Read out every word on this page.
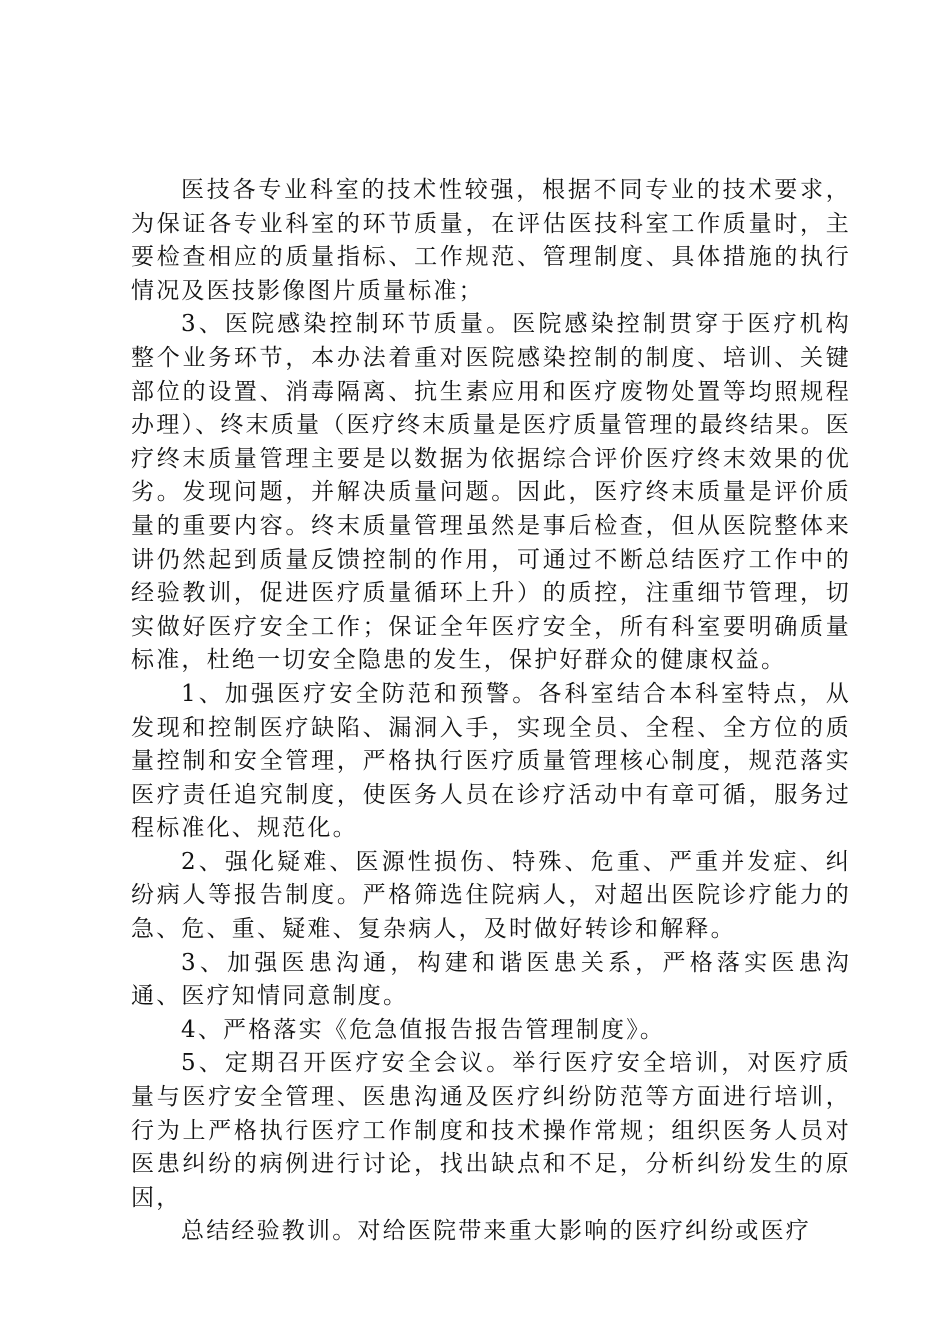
医技各专业科室的技术性较强，根据不同专业的技术要求，为保证各专业科室的环节质量，在评估医技科室工作质量时，主要检查相应的质量指标、工作规范、管理制度、具体措施的执行情况及医技影像图片质量标准；

3、医院感染控制环节质量。医院感染控制贯穿于医疗机构整个业务环节，本办法着重对医院感染控制的制度、培训、关键部位的设置、消毒隔离、抗生素应用和医疗废物处置等均照规程办理）、终末质量（医疗终末质量是医疗质量管理的最终结果。医疗终末质量管理主要是以数据为依据综合评价医疗终末效果的优劣。发现问题，并解决质量问题。因此，医疗终末质量是评价质量的重要内容。终末质量管理虽然是事后检查，但从医院整体来讲仍然起到质量反馈控制的作用，可通过不断总结医疗工作中的经验教训，促进医疗质量循环上升）的质控，注重细节管理，切实做好医疗安全工作；保证全年医疗安全，所有科室要明确质量标准，杜绝一切安全隐患的发生，保护好群众的健康权益。

1、加强医疗安全防范和预警。各科室结合本科室特点，从发现和控制医疗缺陷、漏洞入手，实现全员、全程、全方位的质量控制和安全管理，严格执行医疗质量管理核心制度，规范落实医疗责任追究制度，使医务人员在诊疗活动中有章可循，服务过程标准化、规范化。

2、强化疑难、医源性损伤、特殊、危重、严重并发症、纠纷病人等报告制度。严格筛选住院病人，对超出医院诊疗能力的急、危、重、疑难、复杂病人，及时做好转诊和解释。

3、加强医患沟通，构建和谐医患关系，严格落实医患沟通、医疗知情同意制度。

4、严格落实《危急值报告报告管理制度》。

5、定期召开医疗安全会议。举行医疗安全培训，对医疗质量与医疗安全管理、医患沟通及医疗纠纷防范等方面进行培训，行为上严格执行医疗工作制度和技术操作常规；组织医务人员对医患纠纷的病例进行讨论，找出缺点和不足，分析纠纷发生的原因，

总结经验教训。对给医院带来重大影响的医疗纠纷或医疗
